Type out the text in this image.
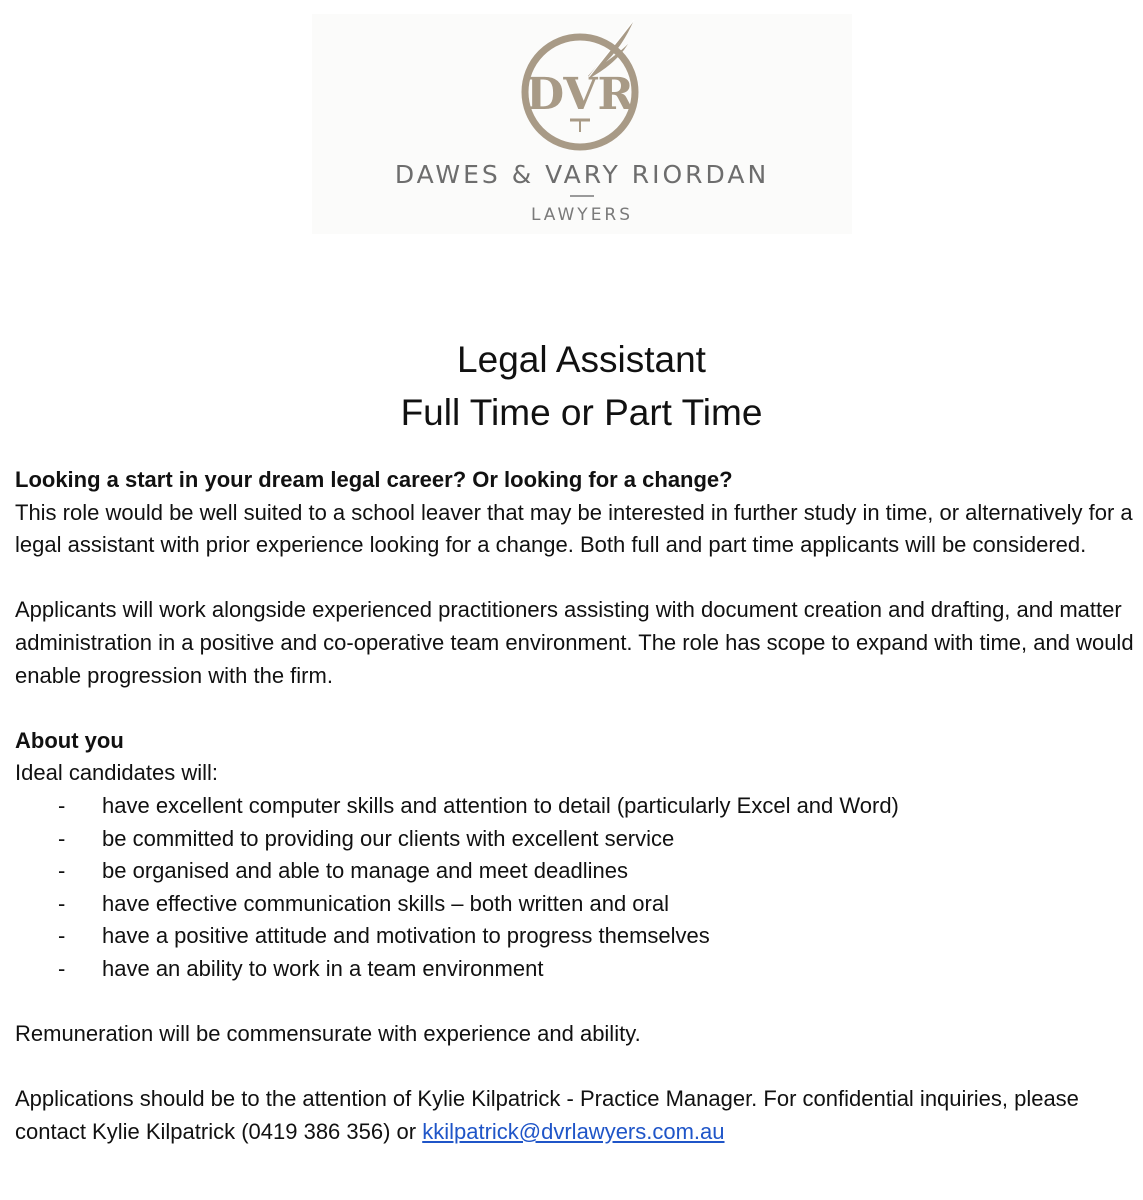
DVR
DAWES & VARY RIORDAN
LAWYERS
Legal Assistant
Full Time or Part Time

Looking a start in your dream legal career? Or looking for a change?

This role would be well suited to a school leaver that may be interested in further study in time, or alternatively for a legal assistant with prior experience looking for a change. Both full and part time applicants will be considered.

Applicants will work alongside experienced practitioners assisting with document creation and drafting, and matter administration in a positive and co-operative team environment. The role has scope to expand with time, and would enable progression with the firm.

About you

Ideal candidates will:

- have excellent computer skills and attention to detail (particularly Excel and Word)
- be committed to providing our clients with excellent service
- be organised and able to manage and meet deadlines
- have effective communication skills – both written and oral
- have a positive attitude and motivation to progress themselves
- have an ability to work in a team environment

Remuneration will be commensurate with experience and ability.

Applications should be to the attention of Kylie Kilpatrick - Practice Manager. For confidential inquiries, please contact Kylie Kilpatrick (0419 386 356) or kkilpatrick@dvrlawyers.com.au
